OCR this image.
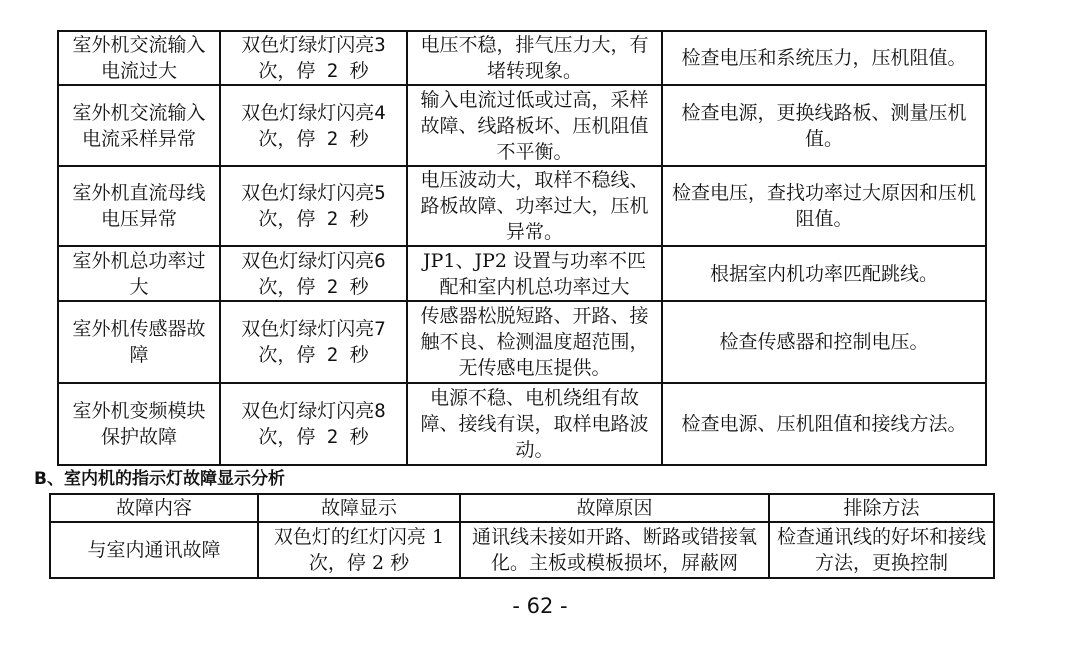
室外机交流输入电流过大	双色灯绿灯闪亮3次，停 2 秒	电压不稳，排气压力大，有堵转现象。	检查电压和系统压力，压机阻值。
室外机交流输入电流采样异常	双色灯绿灯闪亮4次，停 2 秒	输入电流过低或过高，采样故障、线路板坏、压机阻值不平衡。	检查电源，更换线路板、测量压机值。
室外机直流母线电压异常	双色灯绿灯闪亮5次，停 2 秒	电压波动大，取样不稳线、路板故障、功率过大，压机异常。	检查电压，查找功率过大原因和压机阻值。
室外机总功率过大	双色灯绿灯闪亮6次，停 2 秒	JP1、JP2 设置与功率不匹配和室内机总功率过大	根据室内机功率匹配跳线。
室外机传感器故障	双色灯绿灯闪亮7次，停 2 秒	传感器松脱短路、开路、接触不良、检测温度超范围，无传感电压提供。	检查传感器和控制电压。
室外机变频模块保护故障	双色灯绿灯闪亮8次，停 2 秒	电源不稳、电机绕组有故障、接线有误，取样电路波动。	检查电源、压机阻值和接线方法。
B、室内机的指示灯故障显示分析
故障内容	故障显示	故障原因	排除方法
与室内通讯故障	双色灯的红灯闪亮 1 次，停 2 秒	通讯线未接如开路、断路或错接氧化。主板或模板损坏，屏蔽网	检查通讯线的好坏和接线方法，更换控制
- 62 -
